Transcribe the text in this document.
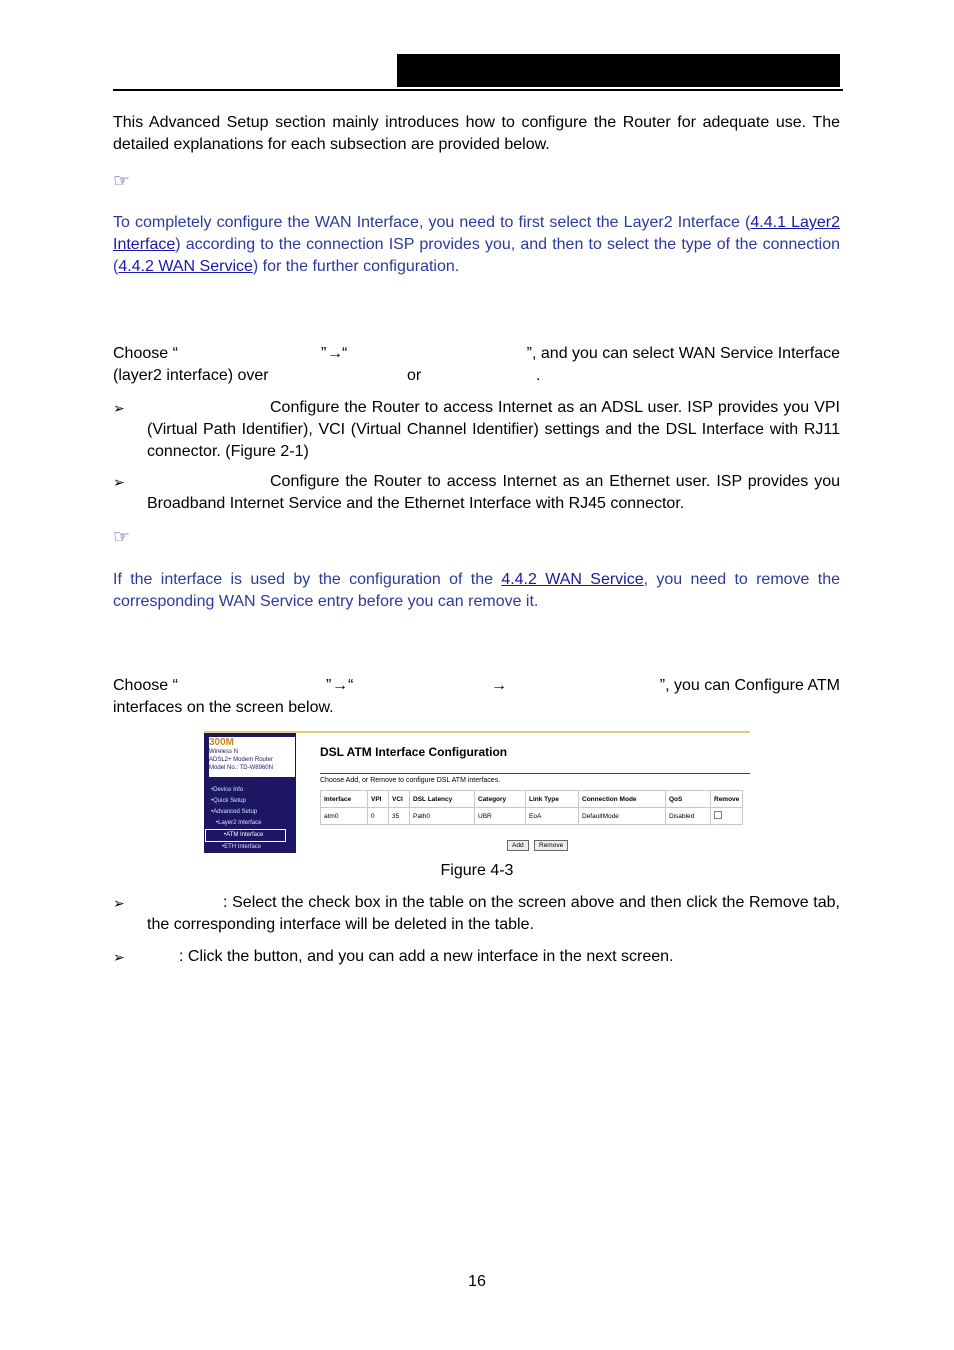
This Advanced Setup section mainly introduces how to configure the Router for adequate use. The detailed explanations for each subsection are provided below.
☞
To completely configure the WAN Interface, you need to first select the Layer2 Interface (4.4.1 Layer2 Interface) according to the connection ISP provides you, and then to select the type of the connection (4.4.2 WAN Service) for the further configuration.
Choose “	” → “	”, and you can select WAN Service Interface
(layer2 interface) over	or	.
➢	Configure the Router to access Internet as an ADSL user. ISP provides you VPI (Virtual Path Identifier), VCI (Virtual Channel Identifier) settings and the DSL Interface with RJ11 connector. (Figure 2-1)
➢	Configure the Router to access Internet as an Ethernet user. ISP provides you Broadband Internet Service and the Ethernet Interface with RJ45 connector.
☞
If the interface is used by the configuration of the 4.4.2 WAN Service, you need to remove the corresponding WAN Service entry before you can remove it.
Choose “	” → “	→	”, you can Configure ATM
interfaces on the screen below.
300M
Wireless N
ADSL2+ Modem Router
Model No.: TD-W8960N
•Device Info
•Quick Setup
•Advanced Setup
•Layer2 Interface
•ATM Interface
•ETH Interface
DSL ATM Interface Configuration
Choose Add, or Remove to configure DSL ATM interfaces.
Interface	VPI	VCI	DSL Latency	Category	Link Type	Connection Mode	QoS	Remove
atm0	0	35	Path0	UBR	EoA	DefaultMode	Disabled	
Add	Remove
Figure 4-3
➢	: Select the check box in the table on the screen above and then click the Remove tab, the corresponding interface will be deleted in the table.
➢	: Click the button, and you can add a new interface in the next screen.
16
